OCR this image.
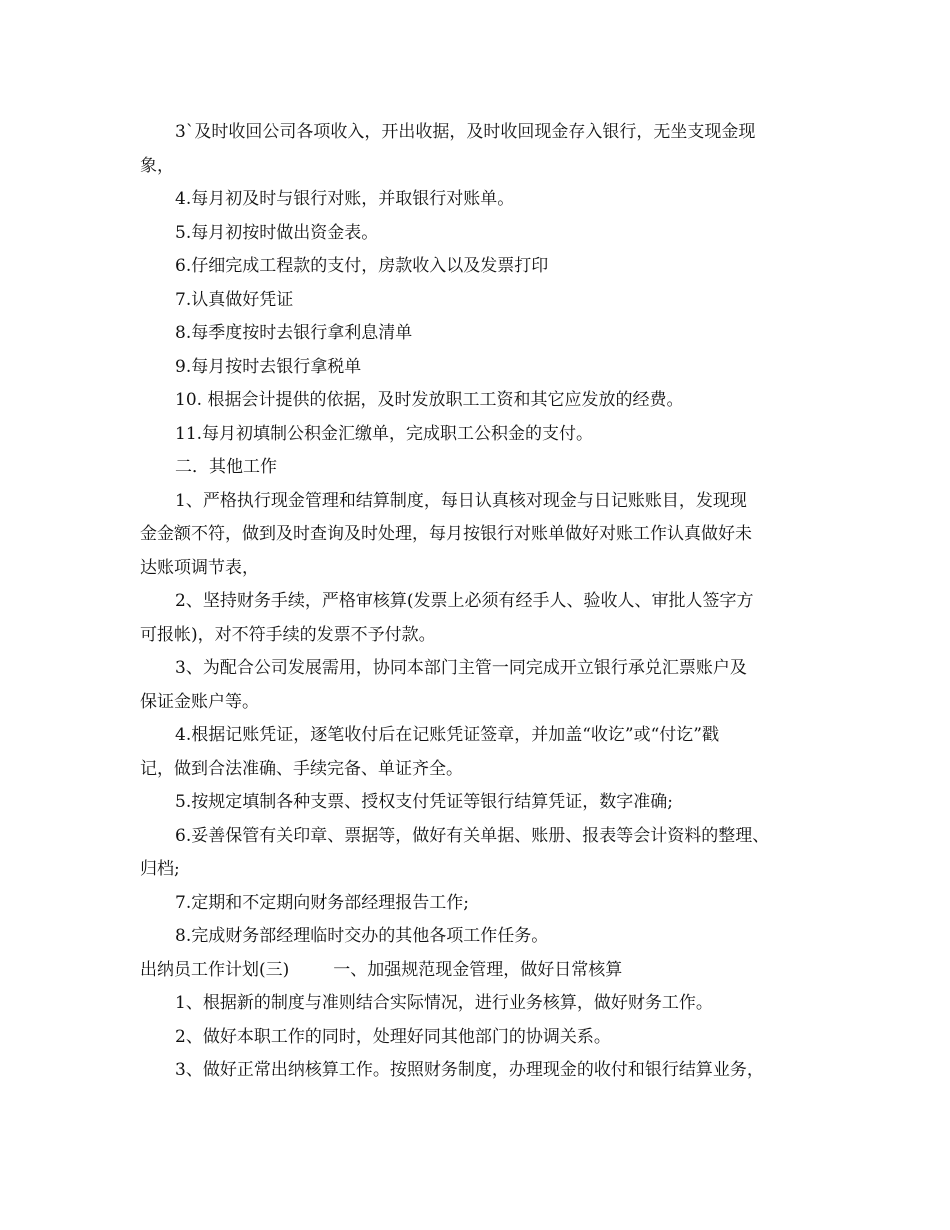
3`及时收回公司各项收入，开出收据，及时收回现金存入银行，无坐支现金现
象，
4.每月初及时与银行对账，并取银行对账单。
5.每月初按时做出资金表。
6.仔细完成工程款的支付，房款收入以及发票打印
7.认真做好凭证
8.每季度按时去银行拿利息清单
9.每月按时去银行拿税单
10. 根据会计提供的依据，及时发放职工工资和其它应发放的经费。
11.每月初填制公积金汇缴单，完成职工公积金的支付。
二．其他工作
1、严格执行现金管理和结算制度，每日认真核对现金与日记账账目，发现现
金金额不符，做到及时查询及时处理，每月按银行对账单做好对账工作认真做好未
达账项调节表，
2、坚持财务手续，严格审核算(发票上必须有经手人、验收人、审批人签字方
可报帐)，对不符手续的发票不予付款。
3、为配合公司发展需用，协同本部门主管一同完成开立银行承兑汇票账户及
保证金账户等。
4.根据记账凭证，逐笔收付后在记账凭证签章，并加盖“收讫”或“付讫”戳
记，做到合法准确、手续完备、单证齐全。
5.按规定填制各种支票、授权支付凭证等银行结算凭证，数字准确;
6.妥善保管有关印章、票据等，做好有关单据、账册、报表等会计资料的整理、
归档;
7.定期和不定期向财务部经理报告工作;
8.完成财务部经理临时交办的其他各项工作任务。
出纳员工作计划(三)	一、加强规范现金管理，做好日常核算
1、根据新的制度与准则结合实际情况，进行业务核算，做好财务工作。
2、做好本职工作的同时，处理好同其他部门的协调关系。
3、做好正常出纳核算工作。按照财务制度，办理现金的收付和银行结算业务，
